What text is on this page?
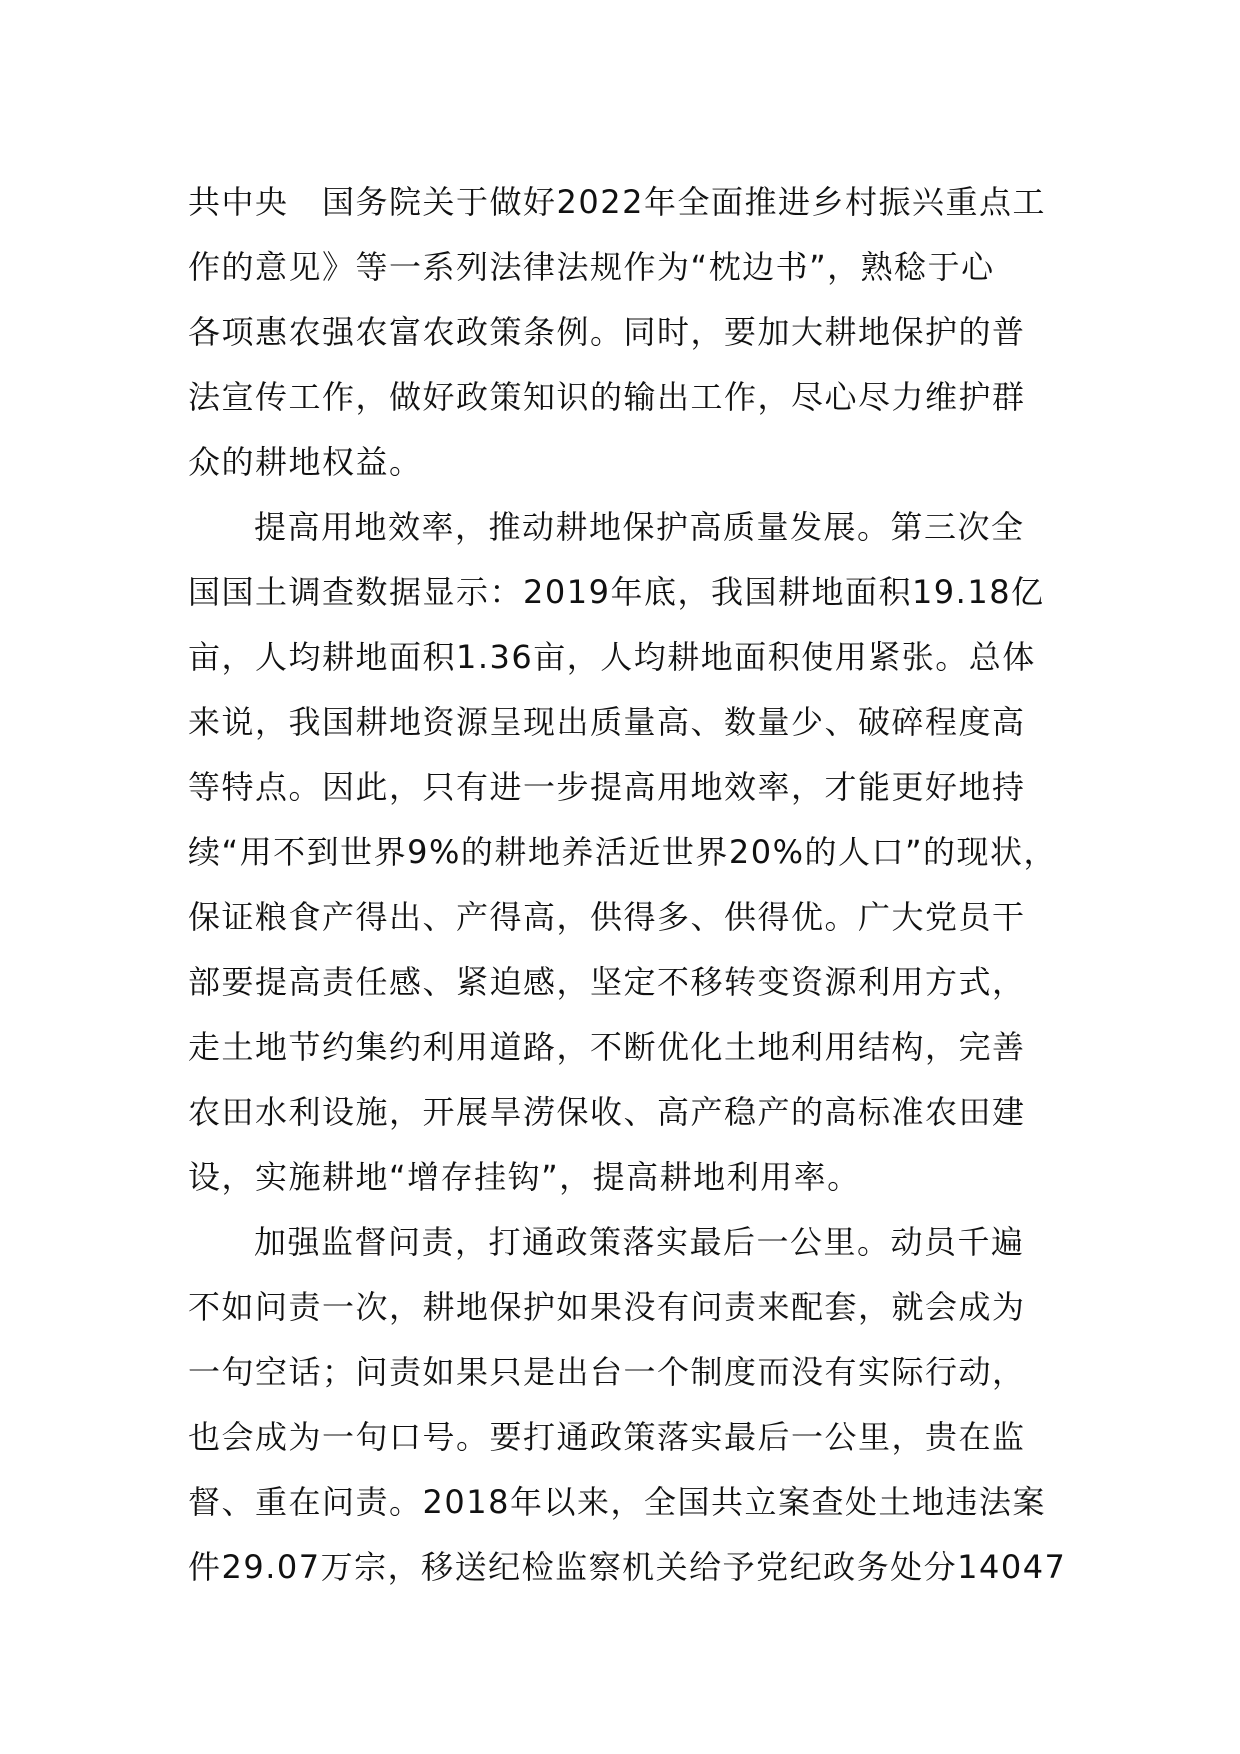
共中央　国务院关于做好2022年全面推进乡村振兴重点工
作的意见》等一系列法律法规作为“枕边书”，熟稔于心
各项惠农强农富农政策条例。同时，要加大耕地保护的普
法宣传工作，做好政策知识的输出工作，尽心尽力维护群
众的耕地权益。
提高用地效率，推动耕地保护高质量发展。第三次全
国国土调查数据显示：2019年底，我国耕地面积19.18亿
亩，人均耕地面积1.36亩，人均耕地面积使用紧张。总体
来说，我国耕地资源呈现出质量高、数量少、破碎程度高
等特点。因此，只有进一步提高用地效率，才能更好地持
续“用不到世界9%的耕地养活近世界20%的人口”的现状，
保证粮食产得出、产得高，供得多、供得优。广大党员干
部要提高责任感、紧迫感，坚定不移转变资源利用方式，
走土地节约集约利用道路，不断优化土地利用结构，完善
农田水利设施，开展旱涝保收、高产稳产的高标准农田建
设，实施耕地“增存挂钩”，提高耕地利用率。
加强监督问责，打通政策落实最后一公里。动员千遍
不如问责一次，耕地保护如果没有问责来配套，就会成为
一句空话；问责如果只是出台一个制度而没有实际行动，
也会成为一句口号。要打通政策落实最后一公里，贵在监
督、重在问责。2018年以来，全国共立案查处土地违法案
件29.07万宗，移送纪检监察机关给予党纪政务处分14047
